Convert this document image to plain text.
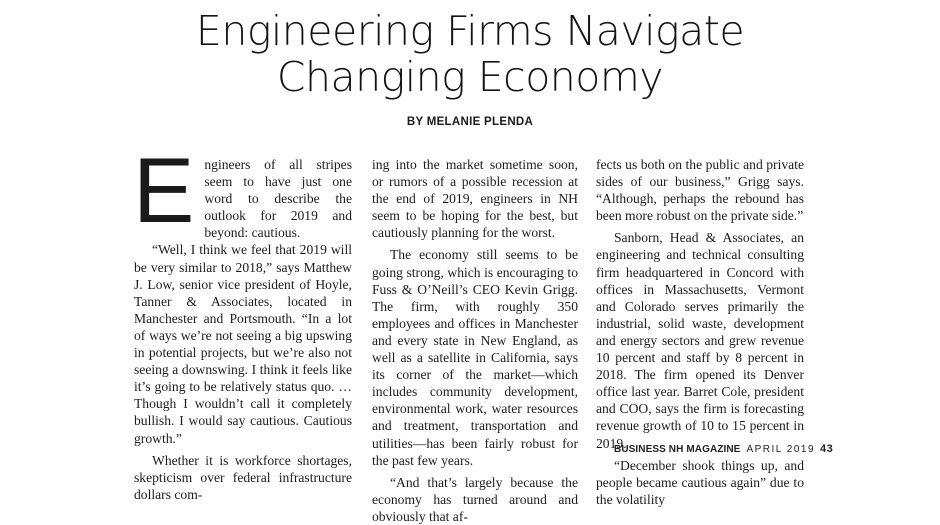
Engineering Firms Navigate
Changing Economy
BY MELANIE PLENDA

Engineers of all stripes seem to have just one word to describe the outlook for 2019 and beyond: cautious.

“Well, I think we feel that 2019 will be very similar to 2018,” says Matthew J. Low, senior vice president of Hoyle, Tanner & Associates, located in Manchester and Portsmouth. “In a lot of ways we’re not seeing a big upswing in potential projects, but we’re also not seeing a downswing. I think it feels like it’s going to be relatively status quo. … Though I wouldn’t call it completely bullish. I would say cautious. Cautious growth.”

Whether it is workforce shortages, skepticism over federal infrastructure dollars com-

ing into the market sometime soon, or rumors of a possible recession at the end of 2019, engineers in NH seem to be hoping for the best, but cautiously planning for the worst.

The economy still seems to be going strong, which is encouraging to Fuss & O’Neill’s CEO Kevin Grigg. The firm, with roughly 350 employees and offices in Manchester and every state in New England, as well as a satellite in California, says its corner of the market—which includes community development, environmental work, water resources and treatment, transportation and utilities—has been fairly robust for the past few years.

“And that’s largely because the economy has turned around and obviously that af-

fects us both on the public and private sides of our business,” Grigg says. “Although, perhaps the rebound has been more robust on the private side.”

Sanborn, Head & Associates, an engineering and technical consulting firm headquartered in Concord with offices in Massachusetts, Vermont and Colorado serves primarily the industrial, solid waste, development and energy sectors and grew revenue 10 percent and staff by 8 percent in 2018. The firm opened its Denver office last year. Barret Cole, president and COO, says the firm is forecasting revenue growth of 10 to 15 percent in 2019.

“December shook things up, and people became cautious again” due to the volatility

BUSINESS NH MAGAZINE APRIL 2019 43
